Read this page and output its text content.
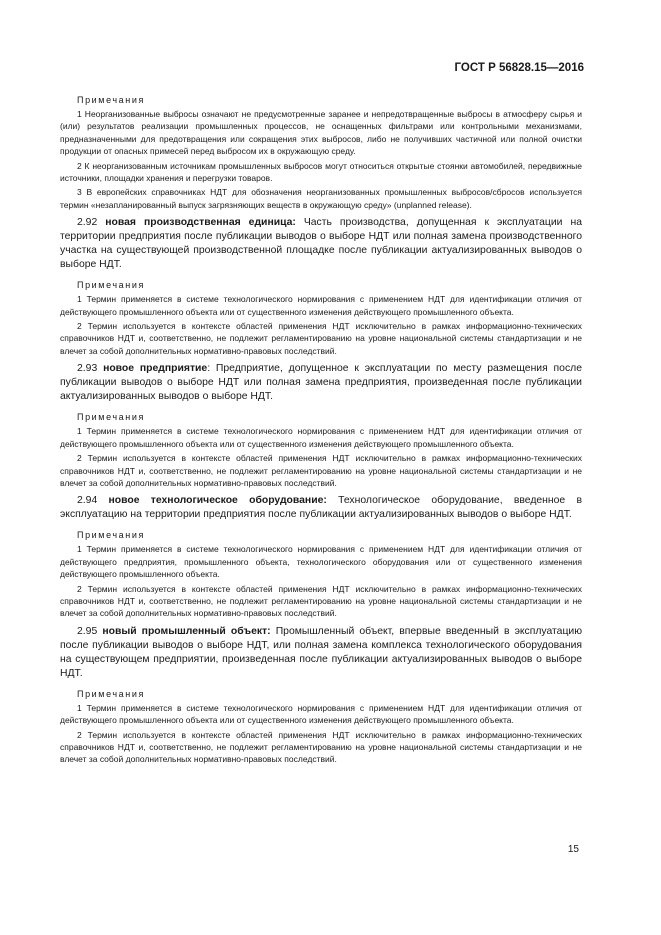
ГОСТ Р 56828.15—2016
Примечания

1 Неорганизованные выбросы означают не предусмотренные заранее и непредотвращенные выбросы в атмосферу сырья и (или) результатов реализации промышленных процессов, не оснащенных фильтрами или контрольными механизмами, предназначенными для предотвращения или сокращения этих выбросов, либо не получивших частичной или полной очистки продукции от опасных примесей перед выбросом их в окружающую среду.

2 К неорганизованным источникам промышленных выбросов могут относиться открытые стоянки автомобилей, передвижные источники, площадки хранения и перегрузки товаров.

3 В европейских справочниках НДТ для обозначения неорганизованных промышленных выбросов/сбросов используется термин «незапланированный выпуск загрязняющих веществ в окружающую среду» (unplanned release).

2.92 новая производственная единица: Часть производства, допущенная к эксплуатации на территории предприятия после публикации выводов о выборе НДТ или полная замена производственного участка на существующей производственной площадке после публикации актуализированных выводов о выборе НДТ.

Примечания

1 Термин применяется в системе технологического нормирования с применением НДТ для идентификации отличия от действующего промышленного объекта или от существенного изменения действующего промышленного объекта.

2 Термин используется в контексте областей применения НДТ исключительно в рамках информационно-технических справочников НДТ и, соответственно, не подлежит регламентированию на уровне национальной системы стандартизации и не влечет за собой дополнительных нормативно-правовых последствий.

2.93 новое предприятие: Предприятие, допущенное к эксплуатации по месту размещения после публикации выводов о выборе НДТ или полная замена предприятия, произведенная после публикации актуализированных выводов о выборе НДТ.

Примечания

1 Термин применяется в системе технологического нормирования с применением НДТ для идентификации отличия от действующего промышленного объекта или от существенного изменения действующего промышленного объекта.

2 Термин используется в контексте областей применения НДТ исключительно в рамках информационно-технических справочников НДТ и, соответственно, не подлежит регламентированию на уровне национальной системы стандартизации и не влечет за собой дополнительных нормативно-правовых последствий.

2.94 новое технологическое оборудование: Технологическое оборудование, введенное в эксплуатацию на территории предприятия после публикации актуализированных выводов о выборе НДТ.

Примечания

1 Термин применяется в системе технологического нормирования с применением НДТ для идентификации отличия от действующего предприятия, промышленного объекта, технологического оборудования или от существенного изменения действующего промышленного объекта.

2 Термин используется в контексте областей применения НДТ исключительно в рамках информационно-технических справочников НДТ и, соответственно, не подлежит регламентированию на уровне национальной системы стандартизации и не влечет за собой дополнительных нормативно-правовых последствий.

2.95 новый промышленный объект: Промышленный объект, впервые введенный в эксплуатацию после публикации выводов о выборе НДТ, или полная замена комплекса технологического оборудования на существующем предприятии, произведенная после публикации актуализированных выводов о выборе НДТ.

Примечания

1 Термин применяется в системе технологического нормирования с применением НДТ для идентификации отличия от действующего промышленного объекта или от существенного изменения действующего промышленного объекта.

2 Термин используется в контексте областей применения НДТ исключительно в рамках информационно-технических справочников НДТ и, соответственно, не подлежит регламентированию на уровне национальной системы стандартизации и не влечет за собой дополнительных нормативно-правовых последствий.

15
